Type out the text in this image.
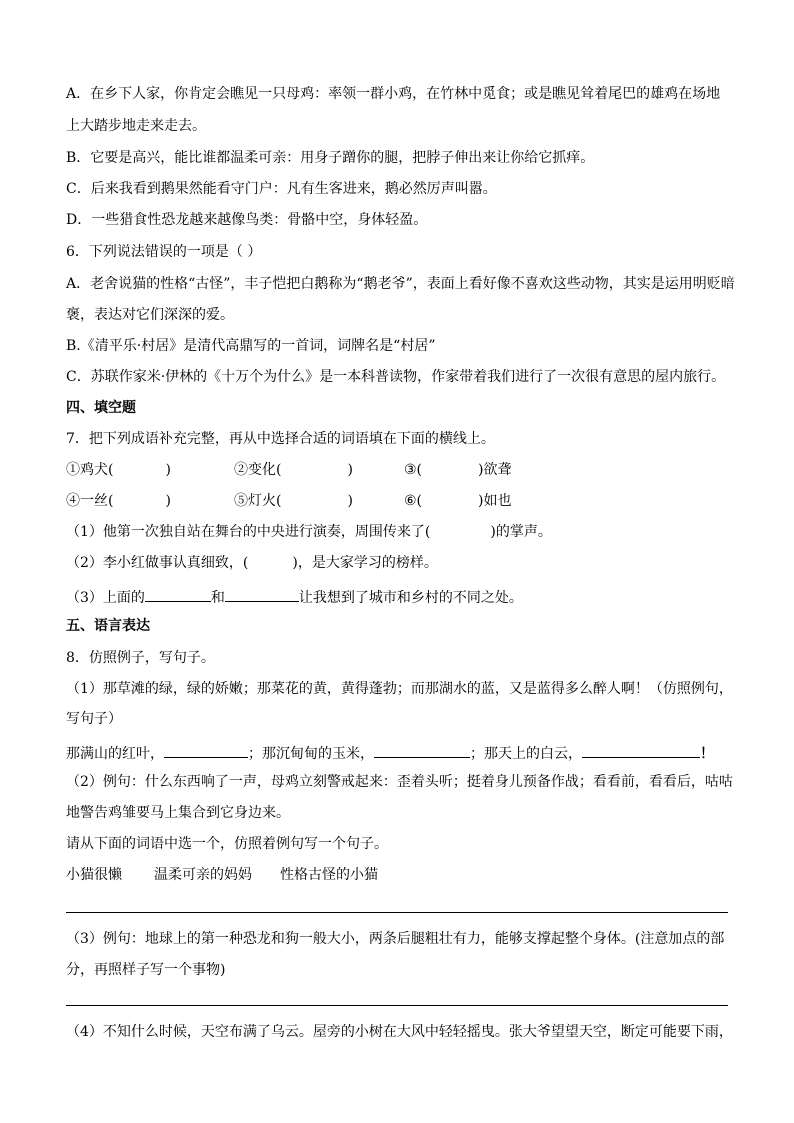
A．在乡下人家，你肯定会瞧见一只母鸡：率领一群小鸡，在竹林中觅食；或是瞧见耸着尾巴的雄鸡在场地
上大踏步地走来走去。
B．它要是高兴，能比谁都温柔可亲：用身子蹭你的腿，把脖子伸出来让你给它抓痒。
C．后来我看到鹅果然能看守门户：凡有生客进来，鹅必然厉声叫嚣。
D．一些猎食性恐龙越来越像鸟类：骨骼中空，身体轻盈。
6．下列说法错误的一项是（ ）
A．老舍说猫的性格“古怪”，丰子恺把白鹅称为“鹅老爷”，表面上看好像不喜欢这些动物，其实是运用明贬暗
褒，表达对它们深深的爱。
B.《清平乐·村居》是清代高鼎写的一首词，词牌名是“村居”
C．苏联作家米·伊林的《十万个为什么》是一本科普读物，作家带着我们进行了一次很有意思的屋内旅行。
四、填空题
7．把下列成语补充完整，再从中选择合适的词语填在下面的横线上。
①鸡犬(	)	②变化(	)	③(	)欲聋
④一丝(	)	⑤灯火(	)	⑥(	)如也
（1）他第一次独自站在舞台的中央进行演奏，周围传来了(	)的掌声。
（2）李小红做事认真细致，(	)，是大家学习的榜样。
（3）上面的	和	让我想到了城市和乡村的不同之处。
五、语言表达
8．仿照例子，写句子。
（1）那草滩的绿，绿的娇嫩；那菜花的黄，黄得蓬勃；而那湖水的蓝，又是蓝得多么醉人啊！（仿照例句，
写句子）
那满山的红叶，	；那沉甸甸的玉米，	；那天上的白云，	！
（2）例句：什么东西响了一声，母鸡立刻警戒起来：歪着头听；挺着身儿预备作战；看看前，看看后，咕咕
地警告鸡雏要马上集合到它身边来。
请从下面的词语中选一个，仿照着例句写一个句子。
小猫很懒 温柔可亲的妈妈 性格古怪的小猫
（3）例句：地球上的第一种恐龙和狗一般大小，两条后腿粗壮有力，能够支撑起整个身体。(注意加点的部
分，再照样子写一个事物)
（4）不知什么时候，天空布满了乌云。屋旁的小树在大风中轻轻摇曳。张大爷望望天空，断定可能要下雨，
